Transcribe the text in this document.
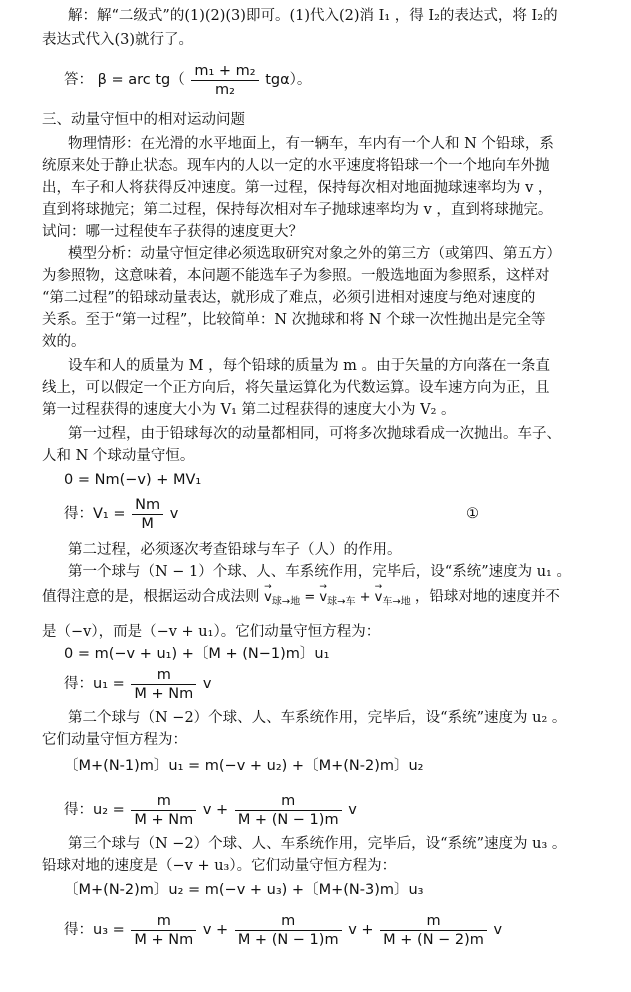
解：解“二级式”的(1)(2)(3)即可。(1)代入(2)消 I₁ ，得 I₂的表达式，将 I₂的
表达式代入(3)就行了。
答： β = arc $tg( \frac{\text{m₁ + m₂}}{\text{m₂}} tg\alpha)$。
三、动量守恒中的相对运动问题
物理情形：在光滑的水平地面上，有一辆车，车内有一个人和 N 个铅球，系
统原来处于静止状态。现车内的人以一定的水平速度将铅球一个一个地向车外抛
出，车子和人将获得反冲速度。第一过程，保持每次相对地面抛球速率均为 v ，
直到将球抛完；第二过程，保持每次相对车子抛球速率均为 v ，直到将球抛完。
试问：哪一过程使车子获得的速度更大？
模型分析：动量守恒定律必须选取研究对象之外的第三方（或第四、第五方）
为参照物，这意味着，本问题不能选车子为参照。一般选地面为参照系，这样对
“第二过程”的铅球动量表达，就形成了难点，必须引进相对速度与绝对速度的
关系。至于“第一过程”，比较简单：N 次抛球和将 N 个球一次性抛出是完全等
效的。
设车和人的质量为 M ，每个铅球的质量为 m 。由于矢量的方向落在一条直
线上，可以假定一个正方向后，将矢量运算化为代数运算。设车速方向为正，且
第一过程获得的速度大小为 V₁ 第二过程获得的速度大小为 V₂ 。
第一过程，由于铅球每次的动量都相同，可将多次抛球看成一次抛出。车子、
人和 N 个球动量守恒。
0 = Nm(−v) + MV₁
得：$V_1 = \frac{Nm}{M}$ v	①
第二过程，必须逐次考查铅球与车子（人）的作用。
第一个球与（N − 1）个球、人、车系统作用，完毕后，设“系统”速度为 u₁ 。
值得注意的是，根据运动合成法则 → $v_{球\to 地}$ = → $v_{球\to 车}$ + → $v_{车\to 地}$ ，铅球对地的速度并不
是（−v），而是（−v + u₁）。它们动量守恒方程为：
0 = m(−v + u₁) +〔M + (N−1)m〕u₁
得：$u_1 = \frac{m}{M + Nm}$ v
第二个球与（N −2）个球、人、车系统作用，完毕后，设“系统”速度为 u₂ 。
它们动量守恒方程为：
〔M+(N-1)m〕u₁ = m(−v + u₂) +〔M+(N-2)m〕u₂
得：$u_2 = \frac{m}{M + Nm}$ $v + \frac{m}{M + (N - 1)m}$ v
第三个球与（N −2）个球、人、车系统作用，完毕后，设“系统”速度为 u₃ 。
铅球对地的速度是（−v + u₃）。它们动量守恒方程为：
〔M+(N-2)m〕u₂ = m(−v + u₃) +〔M+(N-3)m〕u₃
得：$u_3 = \frac{m}{M + Nm}$ $v + \frac{m}{M + (N - 1)m}$ $v + \frac{m}{M + (N - 2)m}$ v
